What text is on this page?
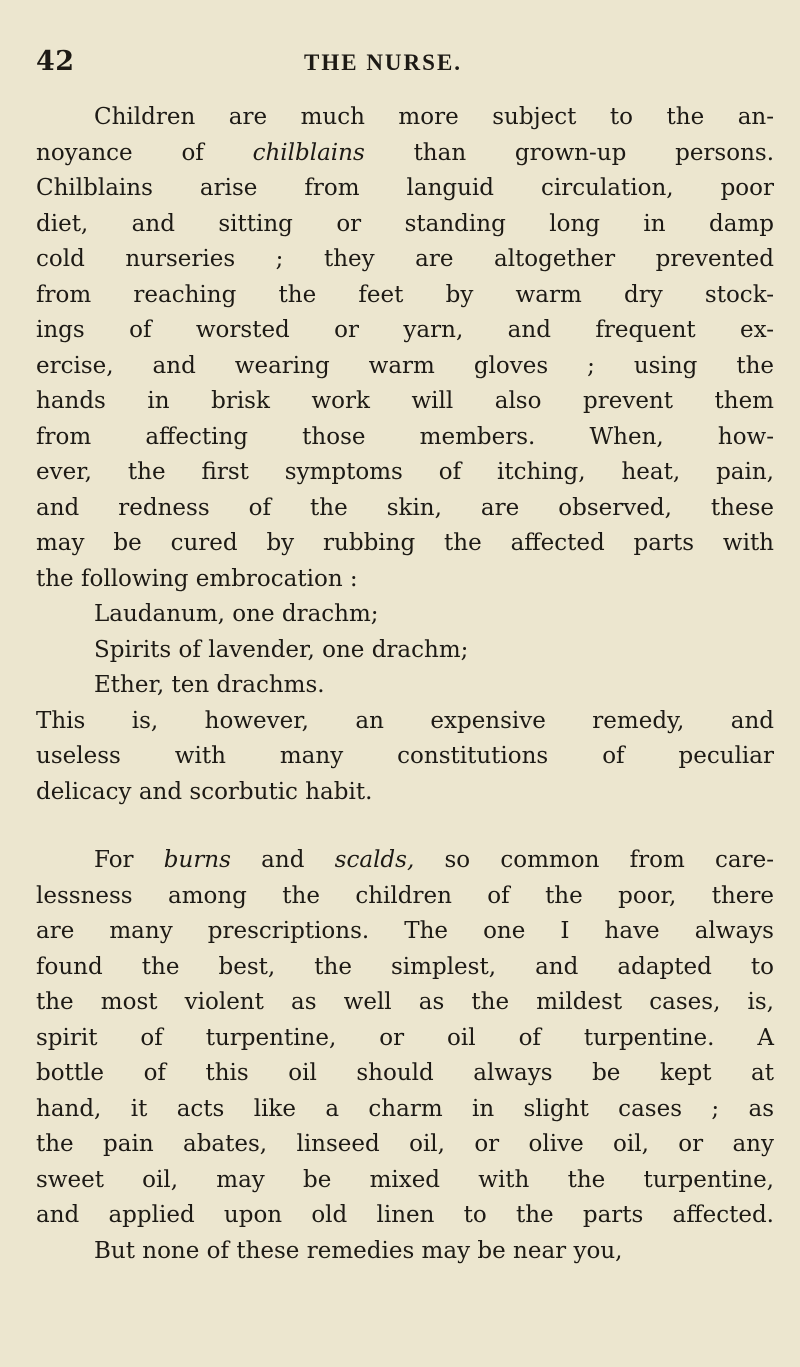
42	THE NURSE.
Children are much more subject to the an-
noyance of chilblains than grown-up persons.
Chilblains arise from languid circulation, poor
diet, and sitting or standing long in damp
cold nurseries ; they are altogether prevented
from reaching the feet by warm dry stock-
ings of worsted or yarn, and frequent ex-
ercise, and wearing warm gloves ; using the
hands in brisk work will also prevent them
from affecting those members. When, how-
ever, the first symptoms of itching, heat, pain,
and redness of the skin, are observed, these
may be cured by rubbing the affected parts with
the following embrocation :
Laudanum, one drachm;
Spirits of lavender, one drachm;
Ether, ten drachms.
This is, however, an expensive remedy, and
useless with many constitutions of peculiar
delicacy and scorbutic habit.
For burns and scalds, so common from care-
lessness among the children of the poor, there
are many prescriptions. The one I have always
found the best, the simplest, and adapted to
the most violent as well as the mildest cases, is,
spirit of turpentine, or oil of turpentine. A
bottle of this oil should always be kept at
hand, it acts like a charm in slight cases ; as
the pain abates, linseed oil, or olive oil, or any
sweet oil, may be mixed with the turpentine,
and applied upon old linen to the parts affected.
But none of these remedies may be near you,
